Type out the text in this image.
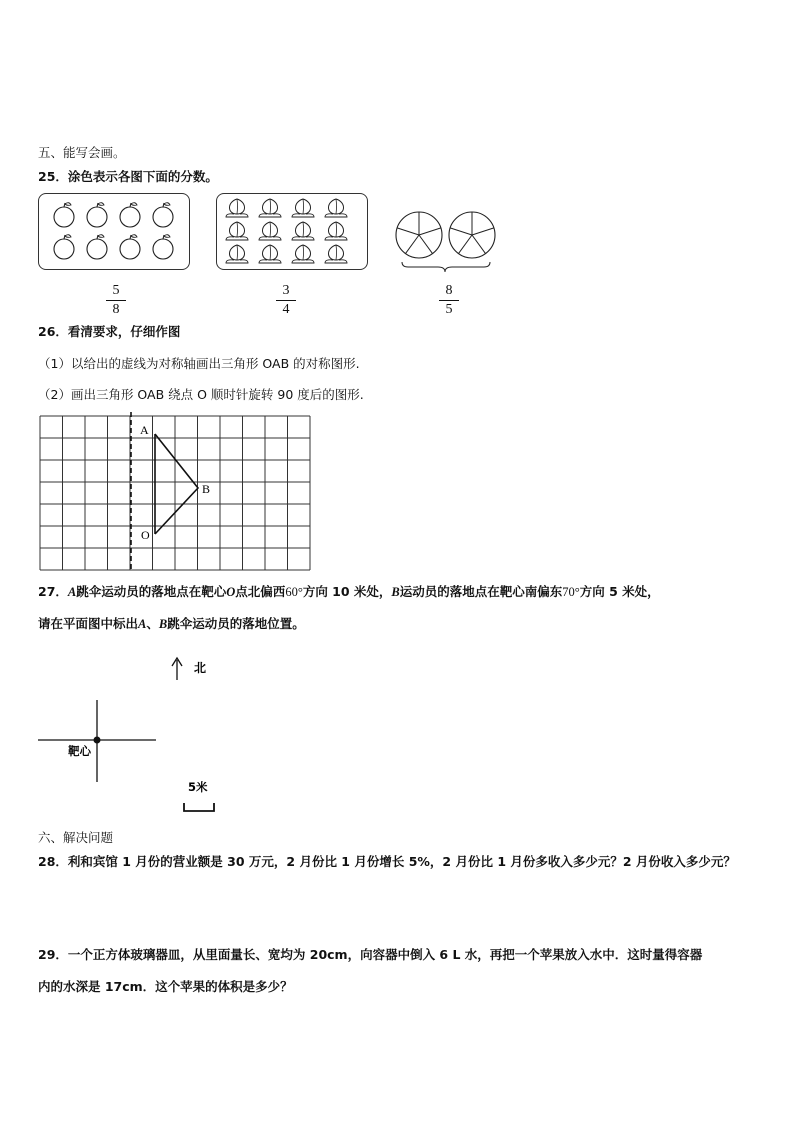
五、能写会画。
25．涂色表示各图下面的分数。
5
8
3
4
8
5
26．看清要求，仔细作图
（1）以给出的虚线为对称轴画出三角形 OAB 的对称图形.
（2）画出三角形 OAB 绕点 O 顺时针旋转 90 度后的图形.
A
B
O
27．A跳伞运动员的落地点在靶心O点北偏西60°方向 10 米处，B运动员的落地点在靶心南偏东70°方向 5 米处，
请在平面图中标出A、B跳伞运动员的落地位置。
北
靶心
5米
六、解决问题
28．利和宾馆 1 月份的营业额是 30 万元，2 月份比 1 月份增长 5%，2 月份比 1 月份多收入多少元？2 月份收入多少元？
29．一个正方体玻璃器皿，从里面量长、宽均为 20cm，向容器中倒入 6 L 水，再把一个苹果放入水中．这时量得容器
内的水深是 17cm．这个苹果的体积是多少？
